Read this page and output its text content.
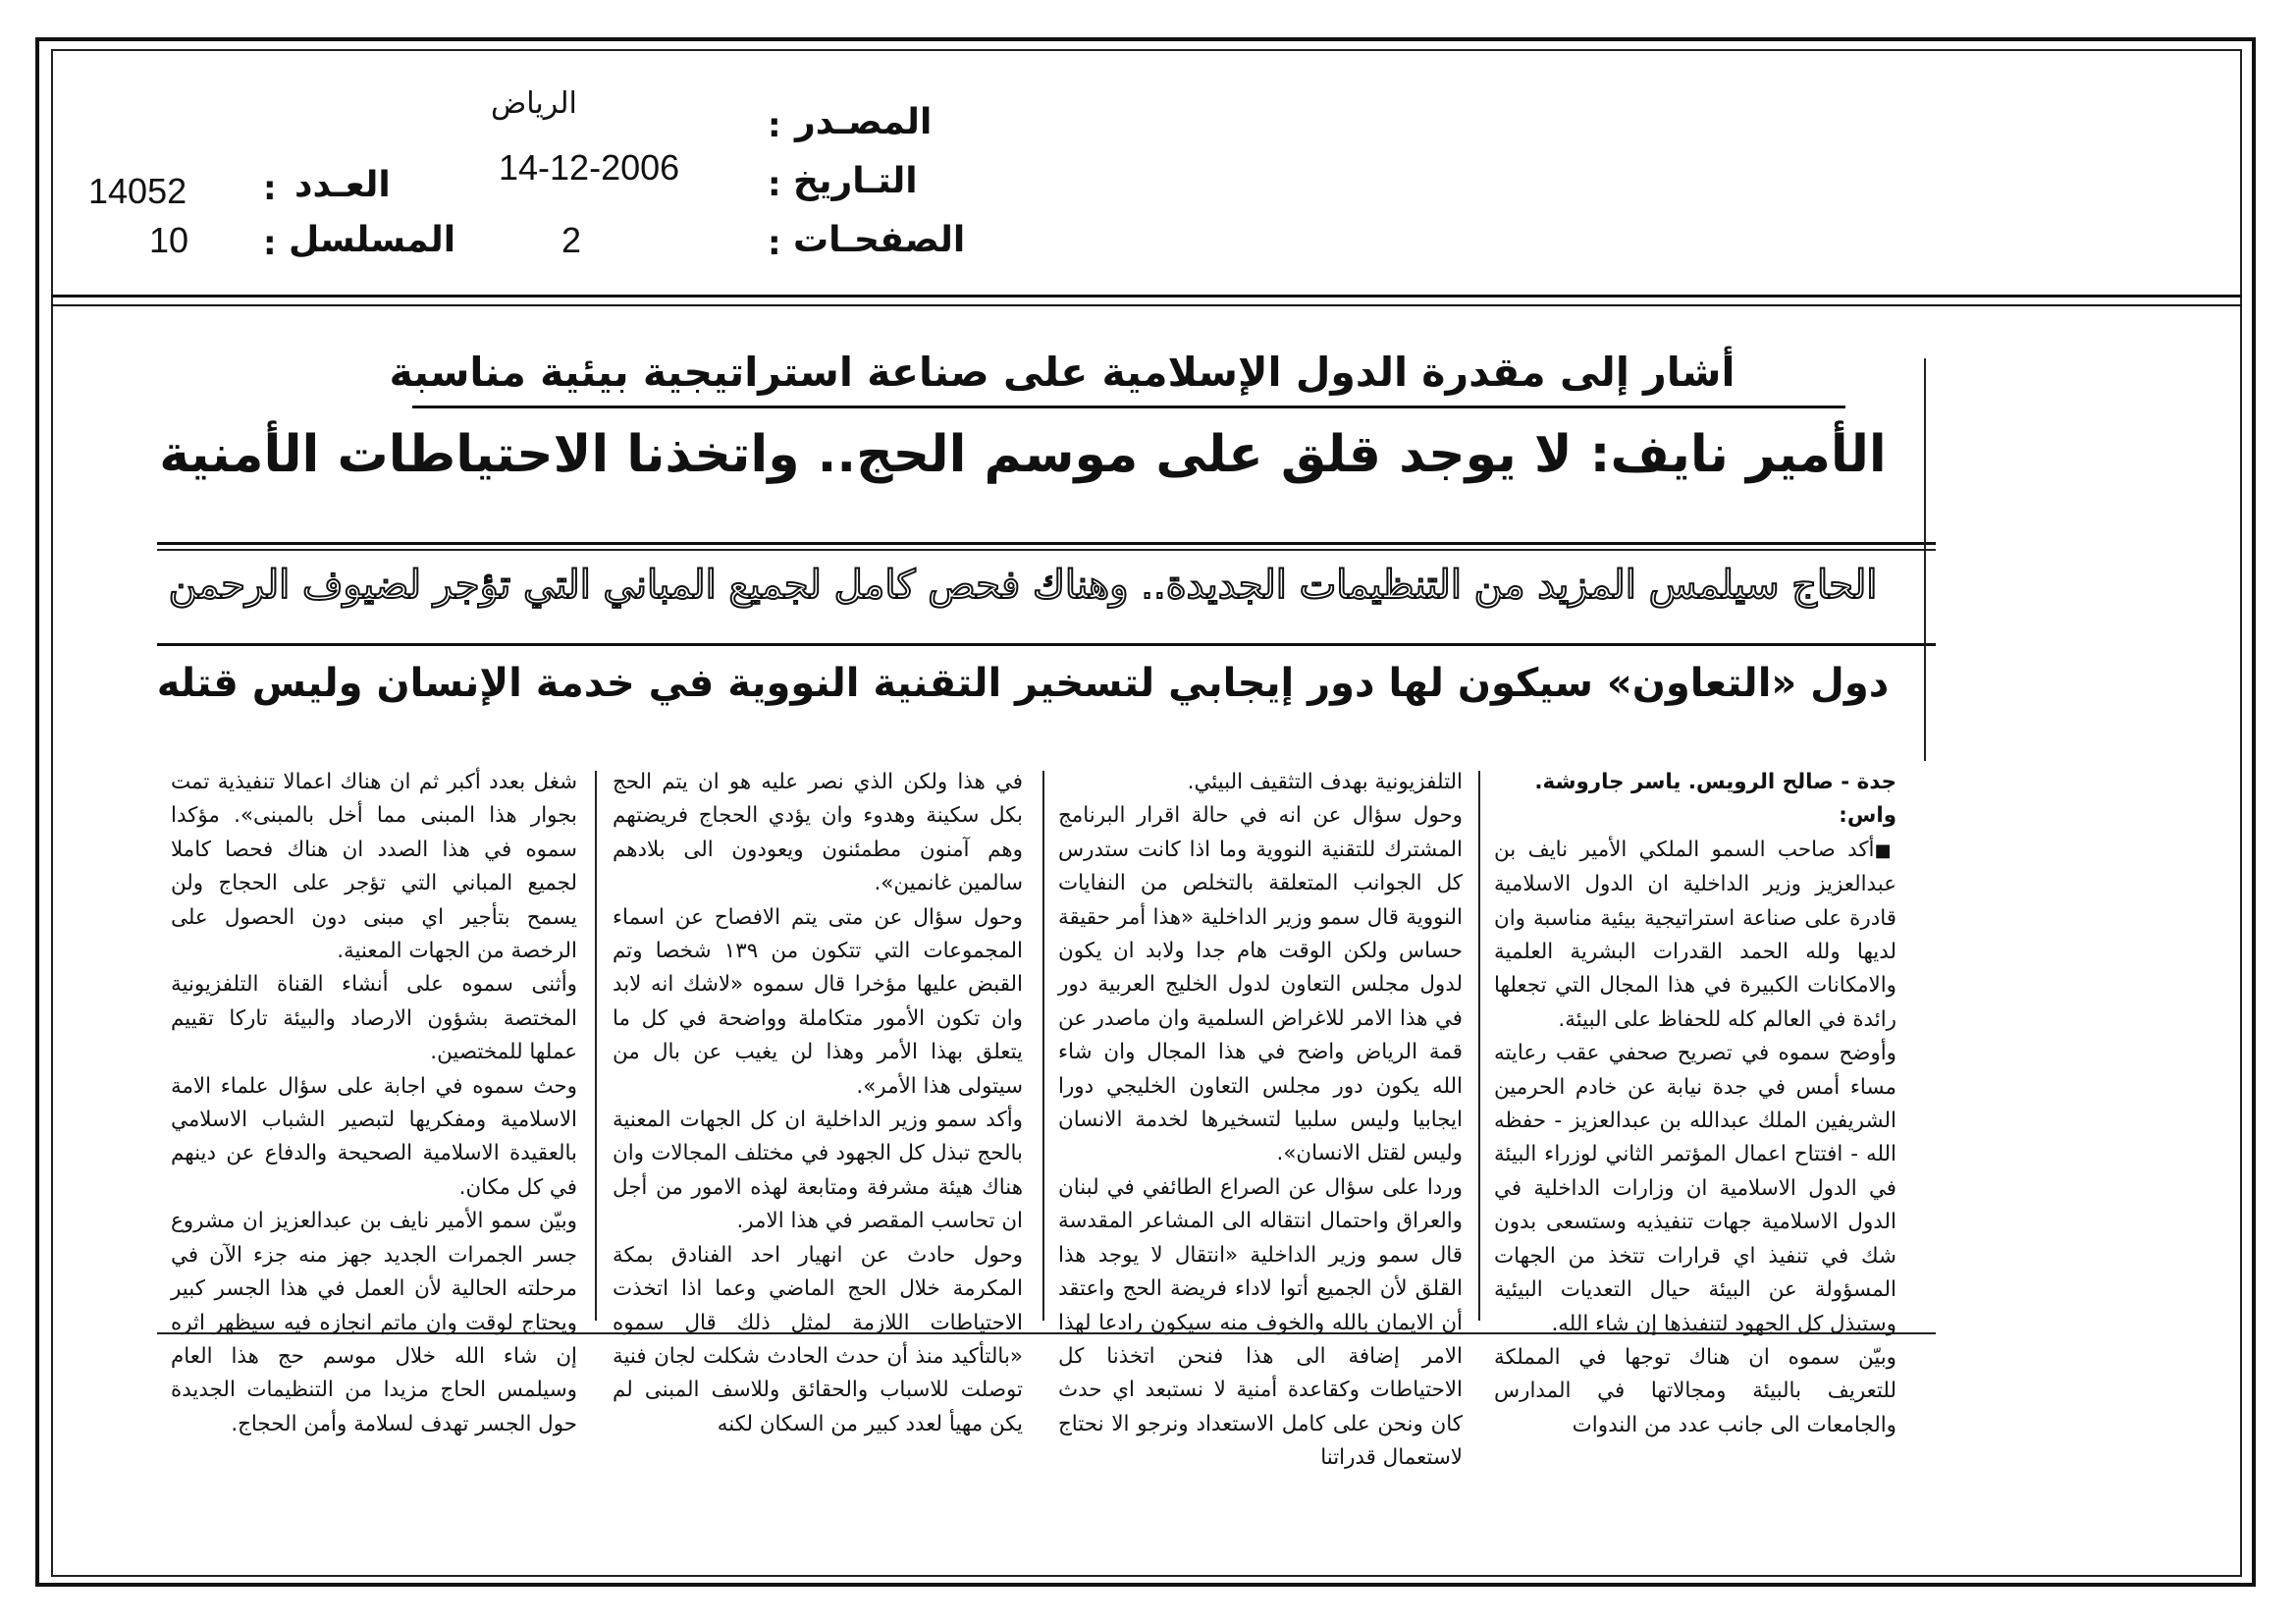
الرياض
: المصـدر
14-12-2006	: التـاريخ
2	: الصفحـات
14052 : العـدد
10 : المسلسل
أشار إلى مقدرة الدول الإسلامية على صناعة استراتيجية بيئية مناسبة
الأمير نايف: لا يوجد قلق على موسم الحج.. واتخذنا الاحتياطات الأمنية
الحاج سيلمس المزيد من التنظيمات الجديدة.. وهناك فحص كامل لجميع المباني التي تؤجر لضيوف الرحمن
دول «التعاون» سيكون لها دور إيجابي لتسخير التقنية النووية في خدمة الإنسان وليس قتله

جدة - صالح الرويس. ياسر جاروشة.

واس:

■أكد صاحب السمو الملكي الأمير نايف بن عبدالعزيز وزير الداخلية ان الدول الاسلامية قادرة على صناعة استراتيجية بيئية مناسبة وان لديها ولله الحمد القدرات البشرية العلمية والامكانات الكبيرة في هذا المجال التي تجعلها رائدة في العالم كله للحفاظ على البيئة.

وأوضح سموه في تصريح صحفي عقب رعايته مساء أمس في جدة نيابة عن خادم الحرمين الشريفين الملك عبدالله بن عبدالعزيز - حفظه الله - افتتاح اعمال المؤتمر الثاني لوزراء البيئة في الدول الاسلامية ان وزارات الداخلية في الدول الاسلامية جهات تنفيذيه وستسعى بدون شك في تنفيذ اي قرارات تتخذ من الجهات المسؤولة عن البيئة حيال التعديات البيئية وستبذل كل الجهود لتنفيذها إن شاء الله.

وبيّن سموه ان هناك توجها في المملكة للتعريف بالبيئة ومجالاتها في المدارس والجامعات الى جانب عدد من الندوات

التلفزيونية بهدف التثقيف البيئي.

وحول سؤال عن انه في حالة اقرار البرنامج المشترك للتقنية النووية وما اذا كانت ستدرس كل الجوانب المتعلقة بالتخلص من النفايات النووية قال سمو وزير الداخلية «هذا أمر حقيقة حساس ولكن الوقت هام جدا ولابد ان يكون لدول مجلس التعاون لدول الخليج العربية دور في هذا الامر للاغراض السلمية وان ماصدر عن قمة الرياض واضح في هذا المجال وان شاء الله يكون دور مجلس التعاون الخليجي دورا ايجابيا وليس سلبيا لتسخيرها لخدمة الانسان وليس لقتل الانسان».

وردا على سؤال عن الصراع الطائفي في لبنان والعراق واحتمال انتقاله الى المشاعر المقدسة قال سمو وزير الداخلية «انتقال لا يوجد هذا القلق لأن الجميع أتوا لاداء فريضة الحج واعتقد أن الايمان بالله والخوف منه سيكون رادعا لهذا الامر إضافة الى هذا فنحن اتخذنا كل الاحتياطات وكقاعدة أمنية لا نستبعد اي حدث كان ونحن على كامل الاستعداد ونرجو الا نحتاج لاستعمال قدراتنا

في هذا ولكن الذي نصر عليه هو ان يتم الحج بكل سكينة وهدوء وان يؤدي الحجاج فريضتهم وهم آمنون مطمئنون ويعودون الى بلادهم سالمين غانمين».

وحول سؤال عن متى يتم الافصاح عن اسماء المجموعات التي تتكون من ١٣٩ شخصا وتم القبض عليها مؤخرا قال سموه «لاشك انه لابد وان تكون الأمور متكاملة وواضحة في كل ما يتعلق بهذا الأمر وهذا لن يغيب عن بال من سيتولى هذا الأمر».

وأكد سمو وزير الداخلية ان كل الجهات المعنية بالحج تبذل كل الجهود في مختلف المجالات وان هناك هيئة مشرفة ومتابعة لهذه الامور من أجل ان تحاسب المقصر في هذا الامر.

وحول حادث عن انهيار احد الفنادق بمكة المكرمة خلال الحج الماضي وعما اذا اتخذت الاحتياطات اللازمة لمثل ذلك قال سموه «بالتأكيد منذ أن حدث الحادث شكلت لجان فنية توصلت للاسباب والحقائق وللاسف المبنى لم يكن مهيأ لعدد كبير من السكان لكنه

شغل بعدد أكبر ثم ان هناك اعمالا تنفيذية تمت بجوار هذا المبنى مما أخل بالمبنى». مؤكدا سموه في هذا الصدد ان هناك فحصا كاملا لجميع المباني التي تؤجر على الحجاج ولن يسمح بتأجير اي مبنى دون الحصول على الرخصة من الجهات المعنية.

وأثنى سموه على أنشاء القناة التلفزيونية المختصة بشؤون الارصاد والبيئة تاركا تقييم عملها للمختصين.

وحث سموه في اجابة على سؤال علماء الامة الاسلامية ومفكريها لتبصير الشباب الاسلامي بالعقيدة الاسلامية الصحيحة والدفاع عن دينهم في كل مكان.

وبيّن سمو الأمير نايف بن عبدالعزيز ان مشروع جسر الجمرات الجديد جهز منه جزء الآن في مرحلته الحالية لأن العمل في هذا الجسر كبير ويحتاج لوقت وان ماتم انجازه فيه سيظهر اثره إن شاء الله خلال موسم حج هذا العام وسيلمس الحاج مزيدا من التنظيمات الجديدة حول الجسر تهدف لسلامة وأمن الحجاج.
